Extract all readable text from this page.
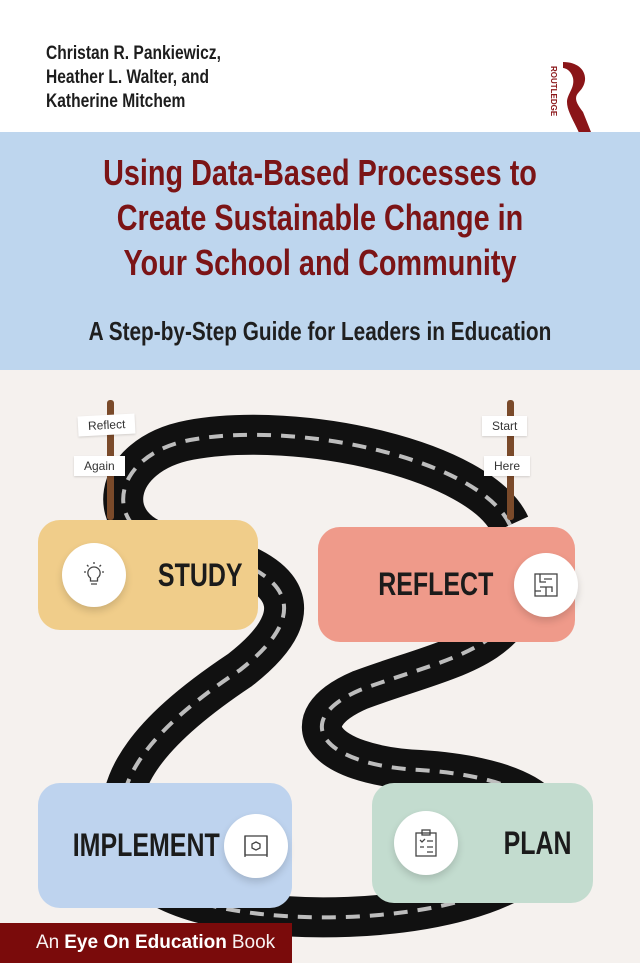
Christan R. Pankiewicz,
Heather L. Walter, and
Katherine Mitchem	ROUTLEDGE
Using Data-Based Processes to
Create Sustainable Change in
Your School and Community
A Step-by-Step Guide for Leaders in Education
Reflect
Again
Start
Here
STUDY	REFLECT
IMPLEMENT	PLAN
An Eye On Education Book
